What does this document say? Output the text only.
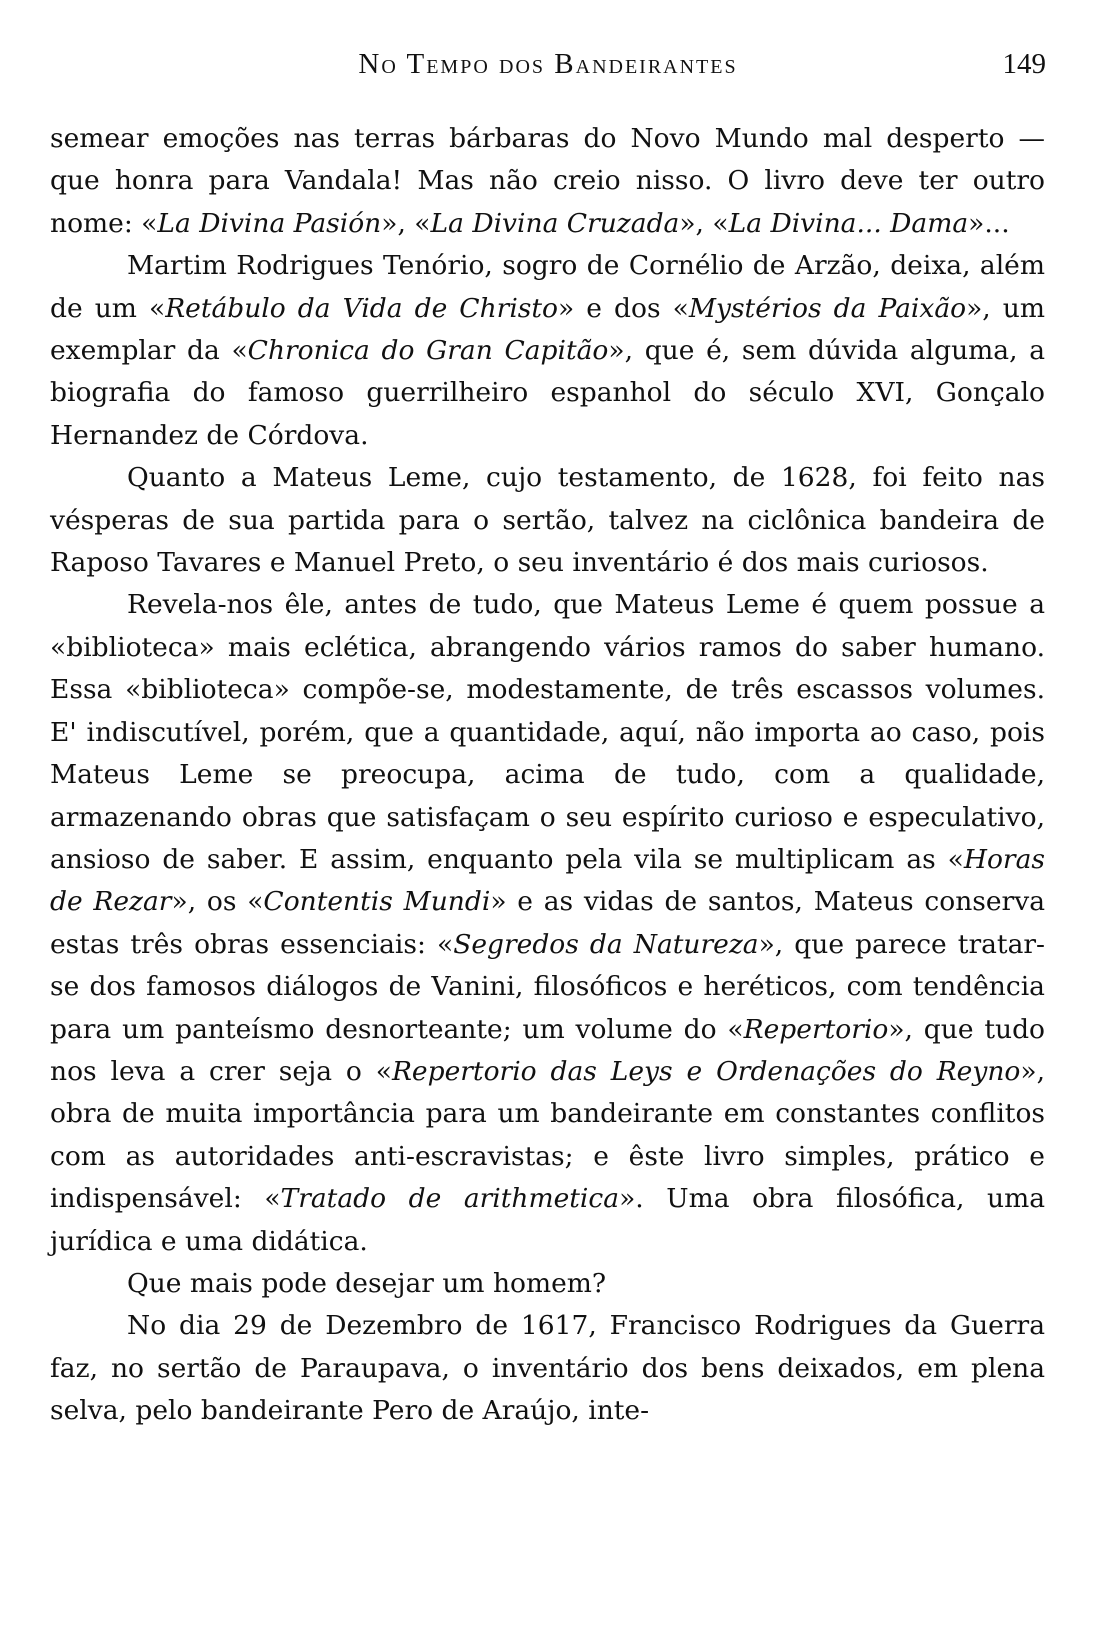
No Tempo dos Bandeirantes	149

semear emoções nas terras bárbaras do Novo Mundo mal desperto — que honra para Vandala! Mas não creio nisso. O livro deve ter outro nome: «La Divina Pasión», «La Divina Cruzada», «La Divina... Dama»...

Martim Rodrigues Tenório, sogro de Cornélio de Arzão, deixa, além de um «Retábulo da Vida de Christo» e dos «Mystérios da Paixão», um exemplar da «Chronica do Gran Capitão», que é, sem dúvida alguma, a biografia do famoso guerrilheiro espanhol do século XVI, Gonçalo Hernandez de Córdova.

Quanto a Mateus Leme, cujo testamento, de 1628, foi feito nas vésperas de sua partida para o sertão, talvez na ciclônica bandeira de Raposo Tavares e Manuel Preto, o seu inventário é dos mais curiosos.

Revela-nos êle, antes de tudo, que Mateus Leme é quem possue a «biblioteca» mais eclética, abrangendo vários ramos do saber humano. Essa «biblioteca» compõe-se, modestamente, de três escassos volumes. E' indiscutível, porém, que a quantidade, aquí, não importa ao caso, pois Mateus Leme se preocupa, acima de tudo, com a qualidade, armazenando obras que satisfaçam o seu espírito curioso e especulativo, ansioso de saber. E assim, enquanto pela vila se multiplicam as «Horas de Rezar», os «Contentis Mundi» e as vidas de santos, Mateus conserva estas três obras essenciais: «Segredos da Natureza», que parece tratar-se dos famosos diálogos de Vanini, filosóficos e heréticos, com tendência para um panteísmo desnorteante; um volume do «Repertorio», que tudo nos leva a crer seja o «Repertorio das Leys e Ordenações do Reyno», obra de muita importância para um bandeirante em constantes conflitos com as autoridades anti-escravistas; e êste livro simples, prático e indispensável: «Tratado de arithmetica». Uma obra filosófica, uma jurídica e uma didática.

Que mais pode desejar um homem?

No dia 29 de Dezembro de 1617, Francisco Rodrigues da Guerra faz, no sertão de Paraupava, o inventário dos bens deixados, em plena selva, pelo bandeirante Pero de Araújo, inte-
